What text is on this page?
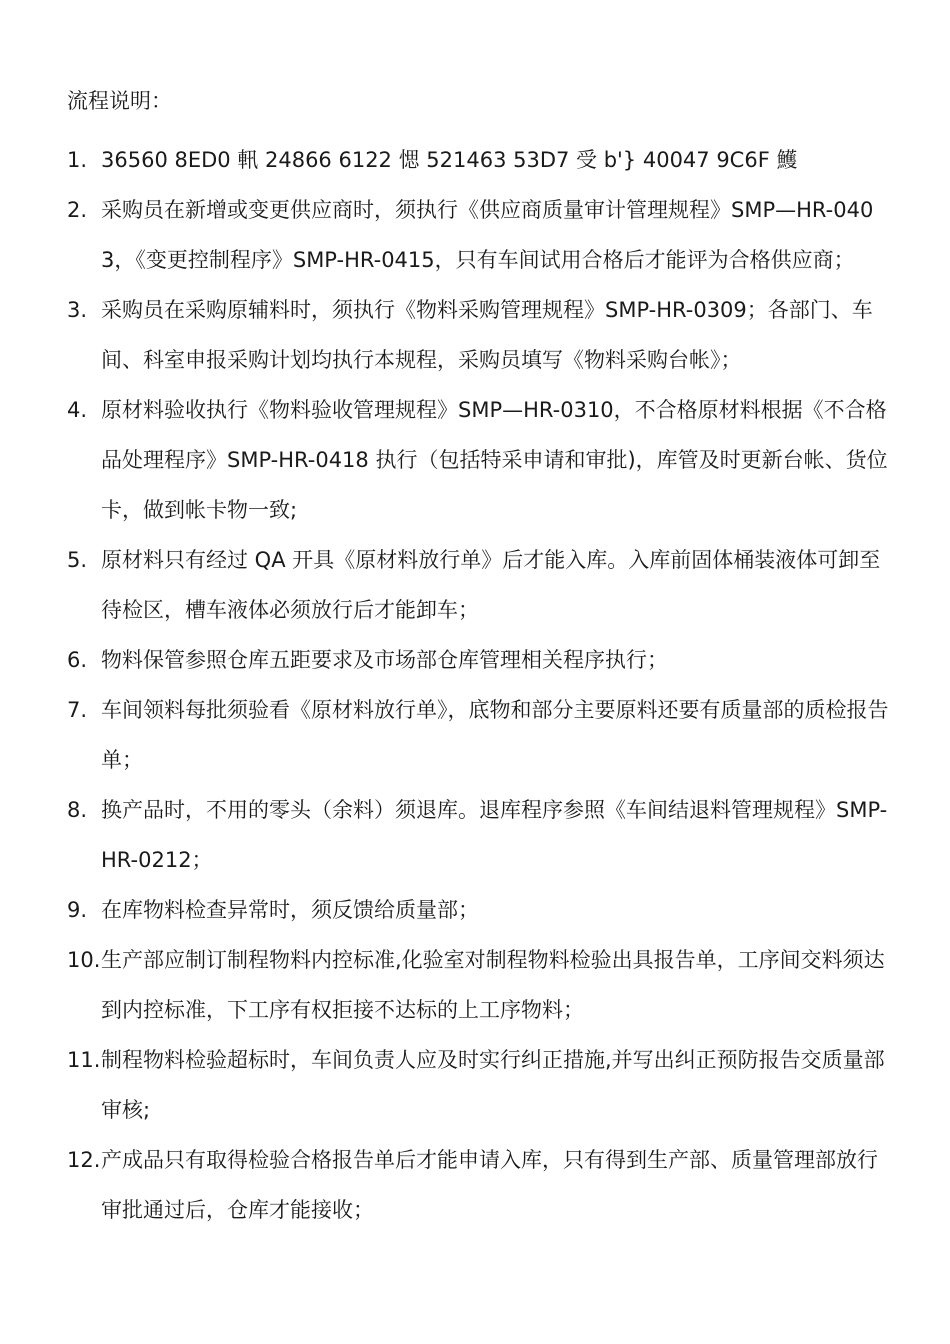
流程说明：
1. 36560 8ED0 軐 24866 6122 愢 521463 53D7 受 b'} 40047 9C6F 鱯
2. 采购员在新增或变更供应商时，须执行《供应商质量审计管理规程》SMP—HR-0403，《变更控制程序》SMP-HR-0415，只有车间试用合格后才能评为合格供应商；
3. 采购员在采购原辅料时，须执行《物料采购管理规程》SMP-HR-0309；各部门、车间、科室申报采购计划均执行本规程，采购员填写《物料采购台帐》；
4. 原材料验收执行《物料验收管理规程》SMP—HR-0310，不合格原材料根据《不合格品处理程序》SMP-HR-0418 执行（包括特采申请和审批)，库管及时更新台帐、货位卡，做到帐卡物一致;
5. 原材料只有经过 QA 开具《原材料放行单》后才能入库。入库前固体桶装液体可卸至待检区，槽车液体必须放行后才能卸车；
6. 物料保管参照仓库五距要求及市场部仓库管理相关程序执行；
7. 车间领料每批须验看《原材料放行单》，底物和部分主要原料还要有质量部的质检报告单；
8. 换产品时，不用的零头（余料）须退库。退库程序参照《车间结退料管理规程》SMP-HR-0212；
9. 在库物料检查异常时，须反馈给质量部；
10. 生产部应制订制程物料内控标准,化验室对制程物料检验出具报告单，工序间交料须达到内控标准，下工序有权拒接不达标的上工序物料；
11. 制程物料检验超标时，车间负责人应及时实行纠正措施,并写出纠正预防报告交质量部审核;
12. 产成品只有取得检验合格报告单后才能申请入库，只有得到生产部、质量管理部放行审批通过后，仓库才能接收；
